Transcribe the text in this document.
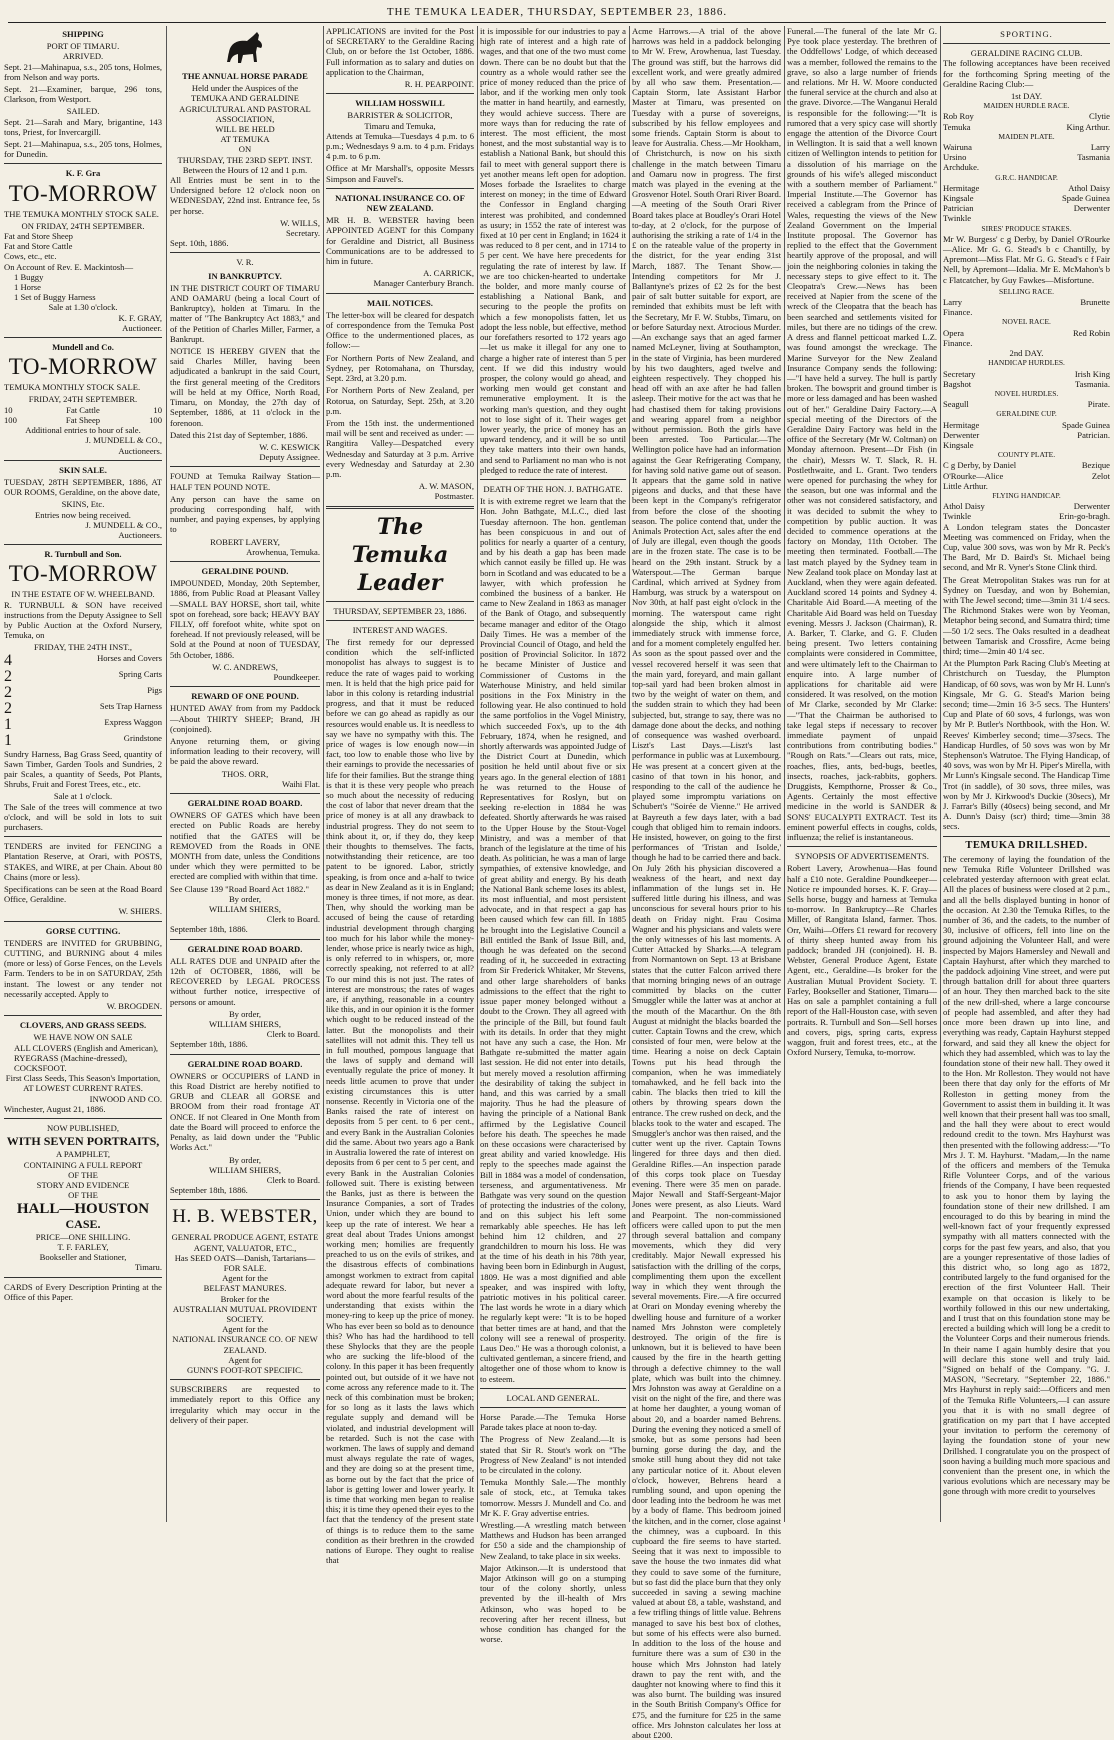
THE TEMUKA LEADER, THURSDAY, SEPTEMBER 23, 1886.
SHIPPING
PORT OF TIMARU.
ARRIVED.

Sept. 21—Mahinapua, s.s., 205 tons, Holmes, from Nelson and way ports.

Sept. 21—Examiner, barque, 296 tons, Clarkson, from Westport.

SAILED.

Sept. 21—Sarah and Mary, brigantine, 143 tons, Priest, for Invercargill.

Sept. 21—Mahinapua, s.s., 205 tons, Holmes, for Dunedin.

K. F. Gra
TO-MORROW

THE TEMUKA MONTHLY STOCK SALE.

ON FRIDAY, 24TH SEPTEMBER.
Fat and Store Sheep
Fat and Store Cattle
Cows, etc., etc.
On Account of Rev. E. Mackintosh—
1 Buggy
1 Horse
1 Set of Buggy Harness
Sale at 1.30 o'clock.
K. F. GRAY,
Auctioneer.
Mundell and Co.
TO-MORROW

TEMUKA MONTHLY STOCK SALE.

FRIDAY, 24TH SEPTEMBER.
10	Fat Cattle	10
100	Fat Sheep	100
Additional entries to hour of sale.
J. MUNDELL & CO.,
Auctioneers.
SKIN SALE.

TUESDAY, 28TH SEPTEMBER, 1886, AT OUR ROOMS, Geraldine, on the above date,

SKINS, Etc.
Entries now being received.
J. MUNDELL & CO.,
Auctioneers.
R. Turnbull and Son.
TO-MORROW
IN THE ESTATE OF W. WHEELBAND.

R. TURNBULL & SON have received instructions from the Deputy Assignee to Sell by Public Auction at the Oxford Nursery, Temuka, on

FRIDAY, THE 24TH INST.,
4	Horses and Covers
2	Spring Carts
2	Pigs
2	Sets Trap Harness
1	Express Waggon
1	Grindstone

Sundry Harness, Bag Grass Seed, quantity of Sawn Timber, Garden Tools and Sundries, 2 pair Scales, a quantity of Seeds, Pot Plants, Shrubs, Fruit and Forest Trees, etc., etc.

Sale at 1 o'clock.

The Sale of the trees will commence at two o'clock, and will be sold in lots to suit purchasers.

TENDERS are invited for FENCING a Plantation Reserve, at Orari, with POSTS, STAKES, and WIRE, at per Chain. About 80 Chains (more or less).

Specifications can be seen at the Road Board Office, Geraldine.

W. SHIERS.
GORSE CUTTING.

TENDERS are INVITED for GRUBBING, CUTTING, and BURNING about 4 miles (more or less) of Gorse Fences, on the Levels Farm. Tenders to be in on SATURDAY, 25th instant. The lowest or any tender not necessarily accepted. Apply to

W. BROGDEN.
CLOVERS, AND GRASS SEEDS.
WE HAVE NOW ON SALE
ALL CLOVERS (English and American),
RYEGRASS (Machine-dressed),
COCKSFOOT.
First Class Seeds, This Season's Importation,
AT LOWEST CURRENT RATES.
INWOOD AND CO.
Winchester, August 21, 1886.
NOW PUBLISHED,
WITH SEVEN PORTRAITS,
A PAMPHLET,
CONTAINING A FULL REPORT
OF THE
STORY AND EVIDENCE
OF THE
HALL—HOUSTON
CASE.
PRICE—ONE SHILLING.
T. F. FARLEY,
Bookseller and Stationer,
Timaru.

CARDS of Every Description Printing at the Office of this Paper.

THE ANNUAL HORSE PARADE
Held under the Auspices of the
TEMUKA AND GERALDINE AGRICULTURAL AND PASTORAL ASSOCIATION,
WILL BE HELD
AT TEMUKA
ON
THURSDAY, THE 23RD SEPT. INST.
Between the Hours of 12 and 1 p.m.

All Entries must be sent in to the Undersigned before 12 o'clock noon on WEDNESDAY, 22nd inst. Entrance fee, 5s per horse.

W. WILLS,
Secretary.
Sept. 10th, 1886.
V. R.
IN BANKRUPTCY.

IN THE DISTRICT COURT OF TIMARU AND OAMARU (being a local Court of Bankruptcy), holden at Timaru. In the matter of "The Bankruptcy Act 1883," and of the Petition of Charles Miller, Farmer, a Bankrupt.

NOTICE IS HEREBY GIVEN that the said Charles Miller, having been adjudicated a bankrupt in the said Court, the first general meeting of the Creditors will be held at my Office, North Road, Timaru, on Monday, the 27th day of September, 1886, at 11 o'clock in the forenoon.

Dated this 21st day of September, 1886.

W. C. KESWICK
Deputy Assignee.

FOUND at Temuka Railway Station—HALF TEN POUND NOTE.

Any person can have the same on producing corresponding half, with number, and paying expenses, by applying to

ROBERT LAVERY,
Arowhenua, Temuka.
GERALDINE POUND.

IMPOUNDED, Monday, 20th September, 1886, from Public Road at Pleasant Valley—SMALL BAY HORSE, short tail, white spot on forehead, sore back; HEAVY BAY FILLY, off forefoot white, white spot on forehead. If not previously released, will be Sold at the Pound at noon of TUESDAY, 5th October, 1886.

W. C. ANDREWS,
Poundkeeper.
REWARD OF ONE POUND.

HUNTED AWAY from from my Paddock—About THIRTY SHEEP; Brand, JH (conjoined).

Anyone returning them, or giving information leading to their recovery, will be paid the above reward.

THOS. ORR,
Waihi Flat.
GERALDINE ROAD BOARD.

OWNERS OF GATES which have been erected on Public Roads are hereby notified that the GATES will be REMOVED from the Roads in ONE MONTH from date, unless the Conditions under which they were permitted to be erected are complied with within that time.

See Clause 139 "Road Board Act 1882."
By order,
WILLIAM SHIERS,
Clerk to Board.
September 18th, 1886.
GERALDINE ROAD BOARD.

ALL RATES DUE and UNPAID after the 12th of OCTOBER, 1886, will be RECOVERED by LEGAL PROCESS without further notice, irrespective of persons or amount.

By order,
WILLIAM SHIERS,
Clerk to Board.
September 18th, 1886.
GERALDINE ROAD BOARD.

OWNERS or OCCUPIERS of LAND in this Road District are hereby notified to GRUB and CLEAR all GORSE and BROOM from their road frontage AT ONCE. If not Cleared in One Month from date the Board will proceed to enforce the Penalty, as laid down under the "Public Works Act."

By order,
WILLIAM SHIERS,
Clerk to Board.
September 18th, 1886.
H. B. WEBSTER,
GENERAL PRODUCE AGENT, ESTATE AGENT, VALUATOR, ETC.,
Has SEED OATS—Danish, Tartarians—FOR SALE.
Agent for the
BELFAST MANURES.
Broker for the
AUSTRALIAN MUTUAL PROVIDENT SOCIETY.
Agent for the
NATIONAL INSURANCE CO. OF NEW ZEALAND.
Agent for
GUNN'S FOOT-ROT SPECIFIC.

SUBSCRIBERS are requested to immediately report to this Office any irregularity which may occur in the delivery of their paper.

APPLICATIONS are invited for the Post of SECRETARY to the Geraldine Racing Club, on or before the 1st October, 1886. Full information as to salary and duties on application to the Chairman,

R. H. PEARPOINT.
WILLIAM HOSSWILL
BARRISTER & SOLICITOR,
Timaru and Temuka,

Attends at Temuka—Tuesdays 4 p.m. to 6 p.m.; Wednesdays 9 a.m. to 4 p.m. Fridays 4 p.m. to 6 p.m.

Office at Mr Marshall's, opposite Messrs Simpson and Fauvel's.

NATIONAL INSURANCE CO. OF NEW ZEALAND.

MR H. B. WEBSTER having been APPOINTED AGENT for this Company for Geraldine and District, all Business Communications are to be addressed to him in future.

A. CARRICK,
Manager Canterbury Branch.
MAIL NOTICES.

The letter-box will be cleared for despatch of correspondence from the Temuka Post Office to the undermentioned places, as follow:—

For Northern Ports of New Zealand, and Sydney, per Rotomahana, on Thursday, Sept. 23rd, at 3.20 p.m.

For Northern Ports of New Zealand, per Rotorua, on Saturday, Sept. 25th, at 3.20 p.m.

From the 15th inst. the undermentioned mail will be sent and received as under: —Rangitira Valley—Despatched every Wednesday and Saturday at 3 p.m. Arrive every Wednesday and Saturday at 2.30 p.m.

A. W. MASON,
Postmaster.
The Temuka Leader
THURSDAY, SEPTEMBER 23, 1886.
INTEREST AND WAGES.

The first remedy for our depressed condition which the self-inflicted monopolist has always to suggest is to reduce the rate of wages paid to working men. It is held that the high price paid for labor in this colony is retarding industrial progress, and that it must be reduced before we can go ahead as rapidly as our resources would enable us. It is needless to say we have no sympathy with this. The price of wages is low enough now—in fact, too low to enable those who live by their earnings to provide the necessaries of life for their families. But the strange thing is that it is these very people who preach so much about the necessity of reducing the cost of labor that never dream that the price of money is at all any drawback to industrial progress. They do not seem to think about it, or, if they do, they keep their thoughts to themselves. The facts, notwithstanding their reticence, are too patent to be ignored. Labor, strictly speaking, is from once and a-half to twice as dear in New Zealand as it is in England; money is three times, if not more, as dear. Then, why should the working man be accused of being the cause of retarding industrial development through charging too much for his labor while the money-lender, whose price is nearly twice as high, is only referred to in whispers, or, more correctly speaking, not referred to at all? To our mind this is not just. The rates of interest are monstrous; the rates of wages are, if anything, reasonable in a country like this, and in our opinion it is the former which ought to be reduced instead of the latter. But the monopolists and their satellites will not admit this. They tell us in full mouthed, pompous language that the laws of supply and demand will eventually regulate the price of money. It needs little acumen to prove that under existing circumstances this is utter nonsense. Recently in Victoria one of the Banks raised the rate of interest on deposits from 5 per cent. to 6 per cent., and every Bank in the Australian Colonies did the same. About two years ago a Bank in Australia lowered the rate of interest on deposits from 6 per cent to 5 per cent, and every Bank in the Australian Colonies followed suit. There is existing between the Banks, just as there is between the Insurance Companies, a sort of Trades Union, under which they are bound to keep up the rate of interest. We hear a great deal about Trades Unions amongst working men; homilies are frequently preached to us on the evils of strikes, and the disastrous effects of combinations amongst workmen to extract from capital adequate reward for labor, but never a word about the more fearful results of the understanding that exists within the money-ring to keep up the price of money. Who has ever been so bold as to denounce this? Who has had the hardihood to tell these Shylocks that they are the people who are sucking the life-blood of the colony. In this paper it has been frequently pointed out, but outside of it we have not come across any reference made to it. The neck of this combination must be broken; for so long as it lasts the laws which regulate supply and demand will be violated, and industrial development will be retarded. Such is not the case with workmen. The laws of supply and demand must always regulate the rate of wages, and they are doing so at the present time, as borne out by the fact that the price of labor is getting lower and lower yearly. It is time that working men began to realise this; it is time they opened their eyes to the fact that the tendency of the present state of things is to reduce them to the same condition as their brethren in the crowded nations of Europe. They ought to realise that

it is impossible for our industries to pay a high rate of interest and a high rate of wages, and that one of the two must come down. There can be no doubt but that the country as a whole would rather see the price of money reduced than the price of labor, and if the working men only took the matter in hand heartily, and earnestly, they would achieve success. There are more ways than for reducing the rate of interest. The most efficient, the most honest, and the most substantial way is to establish a National Bank, but should this fail to meet with general support there is yet another means left open for adoption. Moses forbade the Israelites to charge interest on money; in the time of Edward the Confessor in England charging interest was prohibited, and condemned as usury; in 1552 the rate of interest was fixed at 10 per cent in England; in 1624 it was reduced to 8 per cent, and in 1714 to 5 per cent. We have here precedents for regulating the rate of interest by law. If we are too chicken-hearted to undertake the bolder, and more manly course of establishing a National Bank, and securing to the people the profits on which a few monopolists fatten, let us adopt the less noble, but effective, method our forefathers resorted to 172 years ago—let us make it illegal for any one to charge a higher rate of interest than 5 per cent. If we did this industry would prosper, the colony would go ahead, and working men would get constant and remunerative employment. It is the working man's question, and they ought not to lose sight of it. Their wages get lower yearly, the price of money has an upward tendency, and it will be so until they take matters into their own hands, and send to Parliament no man who is not pledged to reduce the rate of interest.

DEATH OF THE HON. J. BATHGATE.

It is with extreme regret we learn that the Hon. John Bathgate, M.L.C., died last Tuesday afternoon. The hon. gentleman has been conspicuous in and out of politics for nearly a quarter of a century, and by his death a gap has been made which cannot easily be filled up. He was born in Scotland and was educated to be a lawyer, with which profession he combined the business of a banker. He came to New Zealand in 1863 as manager of the Bank of Otago, and subsequently became manager and editor of the Otago Daily Times. He was a member of the Provincial Council of Otago, and held the position of Provincial Solicitor. In 1872 he became Minister of Justice and Commissioner of Customs in the Waterhouse Ministry, and held similar positions in the Fox Ministry in the following year. He also continued to hold the same portfolios in the Vogel Ministry, which succeeded Fox's, up to the 4th February, 1874, when he resigned, and shortly afterwards was appointed Judge of the District Court at Dunedin, which position he held until about five or six years ago. In the general election of 1881 he was returned to the House of Representatives for Roslyn, but on seeking re-election in 1884 he was defeated. Shortly afterwards he was raised to the Upper House by the Stout-Vogel Ministry, and was a member of that branch of the legislature at the time of his death. As politician, he was a man of large sympathies, of extensive knowledge, and of great ability and energy. By his death the National Bank scheme loses its ablest, its most influential, and most persistent advocate, and in that respect a gap has been caused which few can fill. In 1885 he brought into the Legislative Council a Bill entitled the Bank of Issue Bill, and, though he was defeated on the second reading of it, he succeeded in extracting from Sir Frederick Whitaker, Mr Stevens, and other large shareholders of banks admissions to the effect that the right to issue paper money belonged without a doubt to the Crown. They all agreed with the principle of the Bill, but found fault with its details. In order that they might not have any such a case, the Hon. Mr Bathgate re-submitted the matter again last session. He did not enter into details, but merely moved a resolution affirming the desirability of taking the subject in hand, and this was carried by a small majority. Thus he had the pleasure of having the principle of a National Bank affirmed by the Legislative Council before his death. The speeches he made on these occasions were characterised by great ability and varied knowledge. His reply to the speeches made against the Bill in 1884 was a model of condensation, terseness, and argumentativeness. Mr Bathgate was very sound on the question of protecting the industries of the colony, and on this subject his left some remarkably able speeches. He has left behind him 12 children, and 27 grandchildren to mourn his loss. He was at the time of his death in his 78th year, having been born in Edinburgh in August, 1809. He was a most dignified and able speaker, and was inspired with lofty, patriotic motives in his political career. The last words he wrote in a diary which he regularly kept were: "It is to be hoped that better times are at hand, and that the colony will see a renewal of prosperity. Laus Deo." He was a thorough colonist, a cultivated gentleman, a sincere friend, and altogether one of those whom to know is to esteem.

LOCAL AND GENERAL.

Horse Parade.—The Temuka Horse Parade takes place at noon to-day.

The Progress of New Zealand.—It is stated that Sir R. Stout's work on "The Progress of New Zealand" is not intended to be circulated in the colony.

Temuka Monthly Sale.—The monthly sale of stock, etc., at Temuka takes tomorrow. Messrs J. Mundell and Co. and Mr K. F. Gray advertise entries.

Wrestling.—A wrestling match between Matthews and Hudson has been arranged for £50 a side and the championship of New Zealand, to take place in six weeks.

Major Atkinson.—It is understood that Major Atkinson will go on a stumping tour of the colony shortly, unless prevented by the ill-health of Mrs Atkinson, who was hoped to be recovering after her recent illness, but whose condition has changed for the worse.

Acme Harrows.—A trial of the above harrows was held in a paddock belonging to Mr W. Frew, Arowhenua, last Tuesday. The ground was stiff, but the harrows did excellent work, and were greatly admired by all who saw them. Presentation.—Captain Storm, late Assistant Harbor Master at Timaru, was presented on Tuesday with a purse of sovereigns, subscribed by his fellow employees and some friends. Captain Storm is about to leave for Australia. Chess.—Mr Hookham, of Christchurch, is now on his sixth challenge in the match between Timaru and Oamaru now in progress. The first match was played in the evening at the Grosvenor Hotel. South Orari River Board.—A meeting of the South Orari River Board takes place at Boudley's Orari Hotel to-day, at 2 o'clock, for the purpose of authorising the striking a rate of 1/4 in the £ on the rateable value of the property in the district, for the year ending 31st March, 1887. The Tenant Show.—Intending competitors for Mr J. Ballantyne's prizes of £2 2s for the best pair of salt butter suitable for export, are reminded that exhibits must be left with the Secretary, Mr F. W. Stubbs, Timaru, on or before Saturday next. Atrocious Murder.—An exchange says that an aged farmer named McLeyner, living at Southampton, in the state of Virginia, has been murdered by his two daughters, aged twelve and eighteen respectively. They chopped his head off with an axe after he had fallen asleep. Their motive for the act was that he had chastised them for taking provisions and wearing apparel from a neighbor without permission. Both the girls have been arrested. Too Particular.—The Wellington police have had an information against the Gear Refrigerating Company, for having sold native game out of season. It appears that the game sold in native pigeons and ducks, and that these have been kept in the Company's refrigerator from before the close of the shooting season. The police contend that, under the Animals Protection Act, sales after the end of July are illegal, even though the goods are in the frozen state. The case is to be heard on the 29th instant. Struck by a Waterspout.—The German barque Cardinal, which arrived at Sydney from Hamburg, was struck by a waterspout on Nov 30th, at half past eight o'clock in the morning. The waterspout came right alongside the ship, which it almost immediately struck with immense force, and for a moment completely engulfed her. As soon as the spout passed over and the vessel recovered herself it was seen that the main yard, foreyard, and main gallant top-sail yard had been broken almost in two by the weight of water on them, and the sudden strain to which they had been subjected, but, strange to say, there was no damage done about the decks, and nothing of consequence was washed overboard. Liszt's Last Days.—Liszt's last performance in public was at Luxembourg. He was present at a concert given at the casino of that town in his honor, and responding to the call of the audience he played some impromptu variations on Schubert's "Soirée de Vienne." He arrived at Bayreuth a few days later, with a bad cough that obliged him to remain indoors. He insisted, however, on going to the first performances of 'Tristan and Isolde,' though he had to be carried there and back. On July 26th his physician discovered a weakness of the heart, and next day inflammation of the lungs set in. He suffered little during his illness, and was unconscious for several hours prior to his death on Friday night. Frau Cosima Wagner and his physicians and valets were the only witnesses of his last moments. A Cutter Attacked by Sharks.—A telegram from Normantown on Sept. 13 at Brisbane states that the cutter Falcon arrived there that morning bringing news of an outrage committed by blacks on the cutter Smuggler while the latter was at anchor at the mouth of the Macarthur. On the 8th August at midnight the blacks boarded the cutter. Captain Towns and the crew, which consisted of four men, were below at the time. Hearing a noise on deck Captain Towns put his head through the companion, when he was immediately tomahawked, and he fell back into the cabin. The blacks then tried to kill the others by throwing spears down the entrance. The crew rushed on deck, and the blacks took to the water and escaped. The Smuggler's anchor was then raised, and the cutter went up the river. Captain Towns lingered for three days and then died. Geraldine Rifles.—An inspection parade of this corps took place on Tuesday evening. There were 35 men on parade. Major Newall and Staff-Sergeant-Major Jones were present, as also Lieuts. Ward and Pearpoint. The non-commissioned officers were called upon to put the men through several battalion and company movements, which they did very creditably. Major Newall expressed his satisfaction with the drilling of the corps, complimenting them upon the excellent way in which they went through the several movements. Fire.—A fire occurred at Orari on Monday evening whereby the dwelling house and furniture of a worker named Mrs Johnston were completely destroyed. The origin of the fire is unknown, but it is believed to have been caused by the fire in the hearth getting through a defective chimney to the wall plate, which was built into the chimney. Mrs Johnston was away at Geraldine on a visit on the night of the fire, and there was at home her daughter, a young woman of about 20, and a boarder named Behrens. During the evening they noticed a smell of smoke, but as some persons had been burning gorse during the day, and the smoke still hung about they did not take any particular notice of it. About eleven o'clock, however, Behrens heard a rumbling sound, and upon opening the door leading into the bedroom he was met by a body of flame. This bedroom joined the kitchen, and in the corner, close against the chimney, was a cupboard. In this cupboard the fire seems to have started. Seeing that it was next to impossible to save the house the two inmates did what they could to save some of the furniture, but so fast did the place burn that they only succeeded in saving a sewing machine valued at about £8, a table, washstand, and a few trifling things of little value. Behrens managed to save his best box of clothes, but some of his effects were also burned. In addition to the loss of the house and furniture there was a sum of £30 in the house which Mrs Johnston had lately drawn to pay the rent with, and the daughter not knowing where to find this it was also burnt. The building was insured in the South British Company's Office for £75, and the furniture for £25 in the same office. Mrs Johnston calculates her loss at about £200.

Funeral.—The funeral of the late Mr G. Pye took place yesterday. The brethren of the Oddfellows' Lodge, of which deceased was a member, followed the remains to the grave, so also a large number of friends and relations. Mr H. W. Moore conducted the funeral service at the church and also at the grave. Divorce.—The Wanganui Herald is responsible for the following:—"It is rumored that a very spicy case will shortly engage the attention of the Divorce Court in Wellington. It is said that a well known citizen of Wellington intends to petition for a dissolution of his marriage on the grounds of his wife's alleged misconduct with a southern member of Parliament." Imperial Institute.—The Governor has received a cablegram from the Prince of Wales, requesting the views of the New Zealand Government on the Imperial Institute proposal. The Governor has replied to the effect that the Government heartily approve of the proposal, and will join the neighboring colonies in taking the necessary steps to give effect to it. The Cleopatra's Crew.—News has been received at Napier from the scene of the wreck of the Cleopatra that the beach has been searched and settlements visited for miles, but there are no tidings of the crew. A dress and flannel petticoat marked L.Z. was found amongst the wreckage. The Marine Surveyor for the New Zealand Insurance Company sends the following:—"I have held a survey. The hull is partly broken. The bowsprit and ground timber is more or less damaged and has been washed out of her." Geraldine Dairy Factory.—A special meeting of the Directors of the Geraldine Dairy Factory was held in the office of the Secretary (Mr W. Coltman) on Monday afternoon. Present—Dr Fish (in the chair), Messrs W. T. Slack, R. H. Postlethwaite, and L. Grant. Two tenders were opened for purchasing the whey for the season, but one was informal and the other was not considered satisfactory, and it was decided to submit the whey to competition by public auction. It was decided to commence operations at the factory on Monday, 11th October. The meeting then terminated. Football.—The last match played by the Sydney team in New Zealand took place on Monday last at Auckland, when they were again defeated. Auckland scored 14 points and Sydney 4. Charitable Aid Board.—A meeting of the Charitable Aid Board was held on Tuesday evening. Messrs J. Jackson (Chairman), R. A. Barker, T. Clarke, and G. F. Cluden being present. Two letters containing complaints were considered in Committee, and were ultimately left to the Chairman to enquire into. A large number of applications for charitable aid were considered. It was resolved, on the motion of Mr Clarke, seconded by Mr Clarke:—"That the Chairman be authorised to take legal steps if necessary to recover immediate payment of unpaid contributions from contributing bodies." "Rough on Rats."—Clears out rats, mice, roaches, flies, ants, bed-bugs, beetles, insects, roaches, jack-rabbits, gophers. Druggists, Kempthorne, Prosser & Co., Agents. Certainly the most effective medicine in the world is SANDER & SONS' EUCALYPTI EXTRACT. Test its eminent powerful effects in coughs, colds, influenza; the relief is instantaneous.

SYNOPSIS OF ADVERTISEMENTS.

Robert Lavery, Arowhenua—Has found half a £10 note. Geraldine Poundkeeper—Notice re impounded horses. K. F. Gray—Sells horse, buggy and harness at Temuka to-morrow. In Bankruptcy—Re Charles Miller, of Rangitata Island, farmer. Thos. Orr, Waihi—Offers £1 reward for recovery of thirty sheep hunted away from his paddock; branded JH (conjoined). H. B. Webster, General Produce Agent, Estate Agent, etc., Geraldine—Is broker for the Australian Mutual Provident Society. T. Farley, Bookseller and Stationer, Timaru—Has on sale a pamphlet containing a full report of the Hall-Houston case, with seven portraits. R. Turnbull and Son—Sell horses and covers, pigs, spring carts, express waggon, fruit and forest trees, etc., at the Oxford Nursery, Temuka, to-morrow.

SPORTING.
GERALDINE RACING CLUB.

The following acceptances have been received for the forthcoming Spring meeting of the Geraldine Racing Club:—

1st DAY.
MAIDEN HURDLE RACE.
Rob Roy	Clytie
Temuka	King Arthur.
MAIDEN PLATE.
Wairuna	Larry
Ursino	Tasmania
Archduke.
G.R.C. HANDICAP.
Hermitage	Athol Daisy
Kingsale	Spade Guinea
Patrician	Derwenter
Twinkle
SIRES' PRODUCE STAKES.

Mr W. Burgess' c g Derby, by Daniel O'Rourke—Alice. Mr G. G. Stead's b c Chantilly, by Apremont—Miss Flat. Mr G. G. Stead's c f Fair Nell, by Apremont—Idalia. Mr E. McMahon's b c Flatcatcher, by Guy Fawkes—Misfortune.

SELLING RACE.
Larry	Brunette
Finance.
NOVEL RACE.
Opera	Red Robin
Finance.
2nd DAY.
HANDICAP HURDLES.
Secretary	Irish King
Bagshot	Tasmania.
NOVEL HURDLES.
Seagull	Pirate.
GERALDINE CUP.
Hermitage	Spade Guinea
Derwenter	Patrician.
Kingsale
COUNTY PLATE.
C g Derby, by Daniel	Bezique
O'Rourke—Alice	Zelot
Little Arthur.
FLYING HANDICAP.
Athol Daisy	Derwenter
Twinkle	Erin-go-bragh.

A London telegram states the Doncaster Meeting was commenced on Friday, when the Cup, value 300 sovs, was won by Mr R. Peck's The Bard, Mr D. Baird's St. Michael being second, and Mr R. Vyner's Stone Clink third.

The Great Metropolitan Stakes was run for at Sydney on Tuesday, and won by Bohemian, with The Jewel second; time—3min 31 1/4 secs. The Richmond Stakes were won by Yeoman, Metaphor being second, and Sumatra third; time—50 1/2 secs. The Oaks resulted in a deadheat between Tamarisk and Crossfire, Acme being third; time—2min 40 1/4 sec.

At the Plumpton Park Racing Club's Meeting at Christchurch on Tuesday, the Plumpton Handicap, of 60 sovs, was won by Mr H. Lunn's Kingsale, Mr G. G. Stead's Marion being second; time—2min 16 3-5 secs. The Hunters' Cup and Plate of 60 sovs, 4 furlongs, was won by Mr P. Butler's Northbook, with the Hon. W. Reeves' Kimberley second; time—37secs. The Handicap Hurdles, of 50 sovs was won by Mr Stephenson's Watrutoe. The Flying Handicap, of 40 sovs, was won by Mr H. Piper's Mirella, with Mr Lunn's Kingsale second. The Handicap Time Trot (in saddle), of 30 sovs, three miles, was won by Mr J. Kirkwood's Duckie (30secs), Mr J. Farrar's Billy (40secs) being second, and Mr A. Dunn's Daisy (scr) third; time—3min 38 secs.

TEMUKA DRILLSHED.

The ceremony of laying the foundation of the new Temuka Rifle Volunteer Drillshed was celebrated yesterday afternoon with great eclat. All the places of business were closed at 2 p.m., and all the bells displayed bunting in honor of the occasion. At 2.30 the Temuka Rifles, to the number of 36, and the cadets, to the number of 30, inclusive of officers, fell into line on the ground adjoining the Volunteer Hall, and were inspected by Majors Hamersley and Newall and Captain Hayhurst, after which they marched to the paddock adjoining Vine street, and were put through battalion drill for about three quarters of an hour. They then marched back to the site of the new drill-shed, where a large concourse of people had assembled, and after they had once more been drawn up into line, and everything was ready, Captain Hayhurst stepped forward, and said they all knew the object for which they had assembled, which was to lay the foundation stone of their new hall. They owed it to the Hon. Mr Rolleston. They would not have been there that day only for the efforts of Mr Rolleston in getting money from the Government to assist them in building it. It was well known that their present hall was too small, and the hall they were about to erect would redound credit to the town. Mrs Hayhurst was then presented with the following address:—"To Mrs J. T. M. Hayhurst. "Madam,—In the name of the officers and members of the Temuka Rifle Volunteer Corps, and of the various friends of the Company, I have been requested to ask you to honor them by laying the foundation stone of their new drillshed. I am encouraged to do this by bearing in mind the well-known fact of your frequently expressed sympathy with all matters connected with the corps for the past few years, and also, that you are a younger representative of those ladies of this district who, so long ago as 1872, contributed largely to the fund organised for the erection of the first Volunteer Hall. Their example on that occasion is likely to be worthily followed in this our new undertaking, and I trust that on this foundation stone may be erected a building which will long be a credit to the Volunteer Corps and their numerous friends. In their name I again humbly desire that you will declare this stone well and truly laid. "Signed on behalf of the Company. "G. J. MASON, "Secretary. "September 22, 1886." Mrs Hayhurst in reply said:—Officers and men of the Temuka Rifle Volunteers,—I can assure you that it is with no small degree of gratification on my part that I have accepted your invitation to perform the ceremony of laying the foundation stone of your new Drillshed. I congratulate you on the prospect of soon having a building much more spacious and convenient than the present one, in which the various evolutions which are necessary may be gone through with more credit to yourselves
